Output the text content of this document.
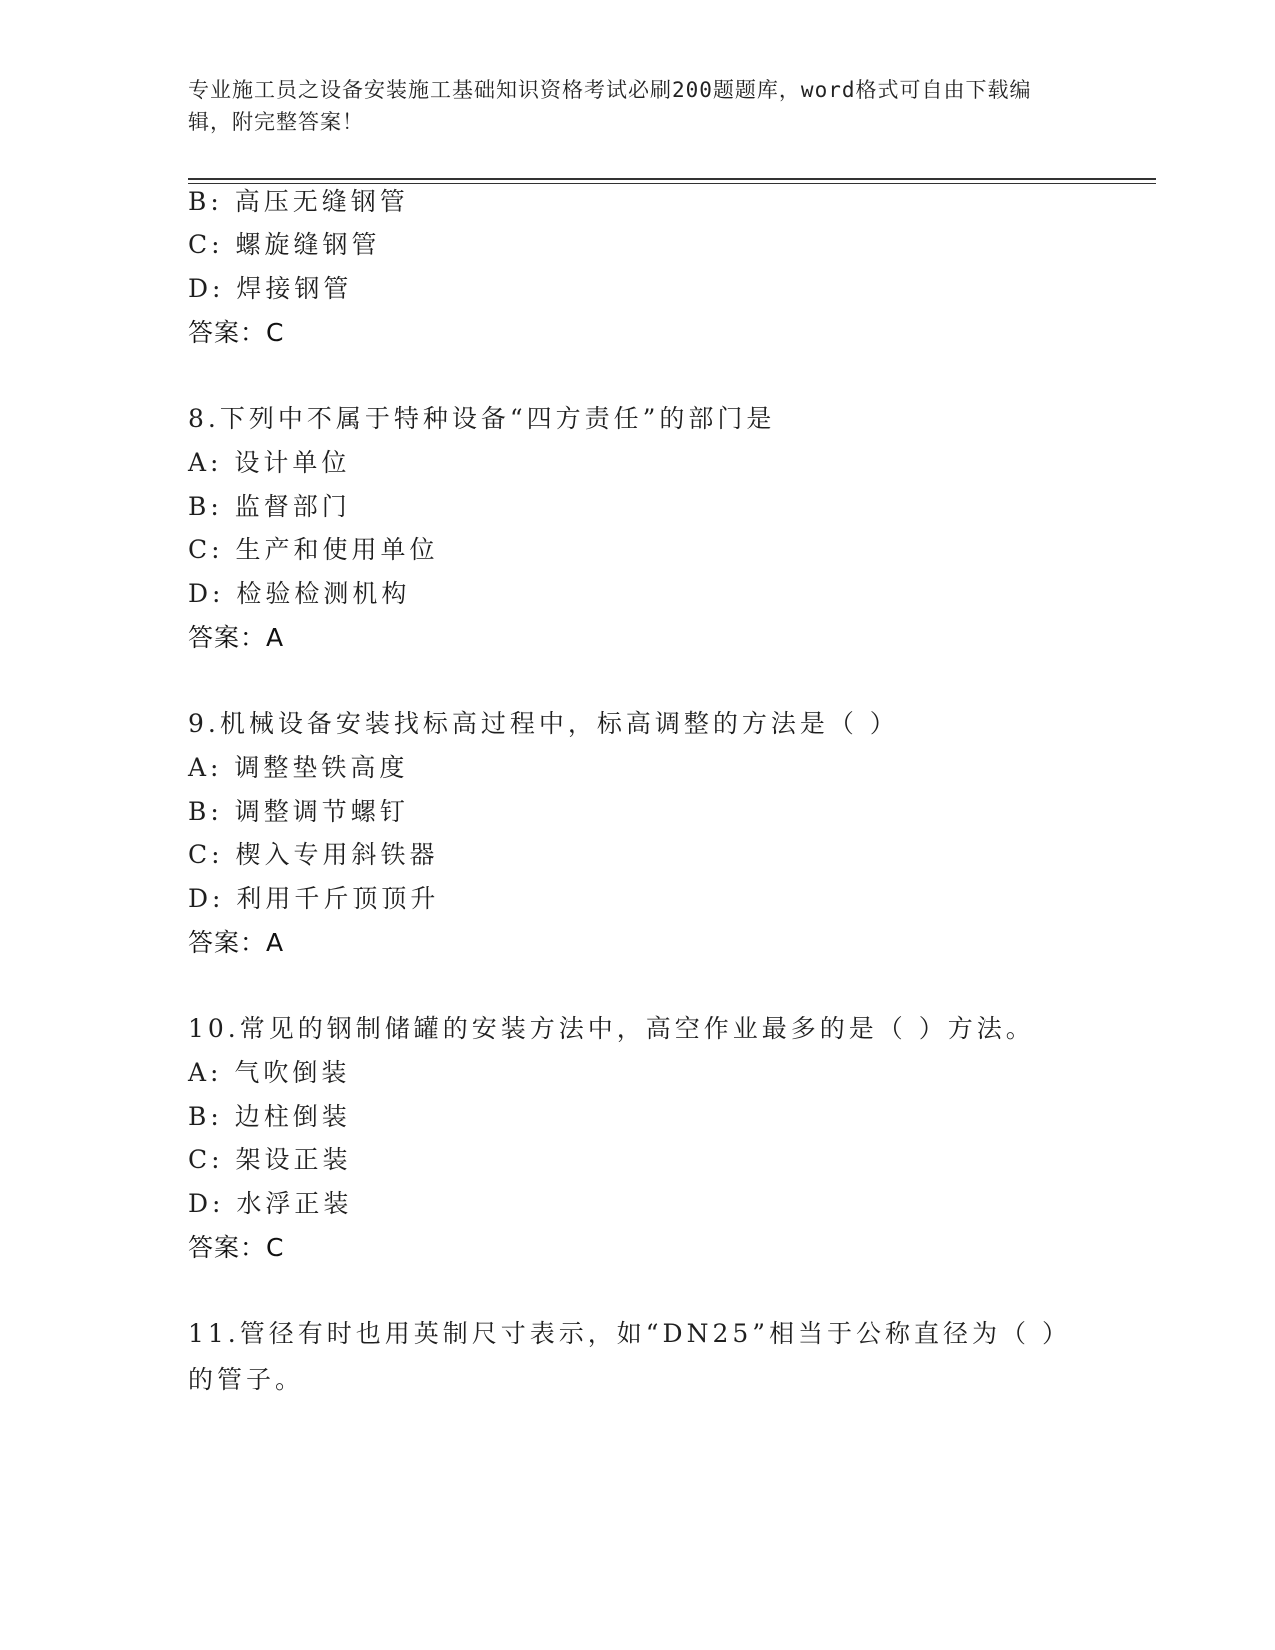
专业施工员之设备安装施工基础知识资格考试必刷200题题库，word格式可自由下载编辑，附完整答案！
B: 高压无缝钢管
C: 螺旋缝钢管
D: 焊接钢管
答案：C
8.下列中不属于特种设备“四方责任”的部门是
A: 设计单位
B: 监督部门
C: 生产和使用单位
D: 检验检测机构
答案：A
9.机械设备安装找标高过程中，标高调整的方法是（ ）
A: 调整垫铁高度
B: 调整调节螺钉
C: 楔入专用斜铁器
D: 利用千斤顶顶升
答案：A
10.常见的钢制储罐的安装方法中，高空作业最多的是（ ）方法。
A: 气吹倒装
B: 边柱倒装
C: 架设正装
D: 水浮正装
答案：C
11.管径有时也用英制尺寸表示，如“DN25”相当于公称直径为（ ）的管子。
